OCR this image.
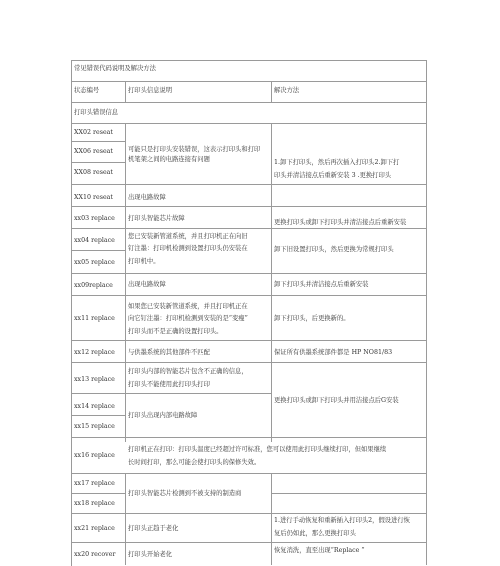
常见错误代码说明及解决方法
状态编号	打印头信息说明	解决方法
打印头错误信息
XX02 reseat
XX06 reseat
XX08 reseat
XX10 reseat
xx03 replace
xx04 replace
xx05 replace
xx09replace
xx11 replace
xx12 replace
xx13 replace
xx14 replace
xx15 replace
xx16 replace
xx17 replace
xx18 replace
xx21 replace
xx20 recover
可能只是打印头安装错误，这表示打印头和打印机笔架之间的电路连接有问题
出现电路故障
打印头智能芯片故障
您已安装新管道系统，并且打印机正在向旧
钉注墨：打印机检测到设置打印头仍安装在
打印机中。
出现电路故障
如果您已安装新管道系统，并且打印机正在
向它钉注墨：打印机检测到安装的是“变瘦”
打印头而不是正确的设置打印头。
与供墨系统的其他部件不匹配
打印头内部的智能芯片包含不正确的信息，
打印头不能使用此打印头打印
打印头出现内部电路故障
打印机正在打印：打印头温度已经超过许可标准，您可以使用此打印头继续打印，但如果继续
长时间打印，那么可能会使打印头的保修失效。
打印头智能芯片检测到不被支持的制造商
打印头正趋于老化
打印头开始老化
1.卸下打印头，然后再次插入打印头2.卸下打
印头并清洁接点后重新安装 3 .更换打印头
更换打印头或卸下打印头并清洁接点后重新安装
卸下旧设置打印头，然后更换为常规打印头
卸下打印头并清洁接点后重新安装
卸下打印头，后更换新的。
保证所有供墨系统部件都是 HP NO81/83
更换打印头或卸下打印头并用洁接点后G安装
1.进行手动恢复和重新插入打印头2，假设进行恢
复后仍如此，那么更换打印头
恢复消洗，直至出现“Replace ”
